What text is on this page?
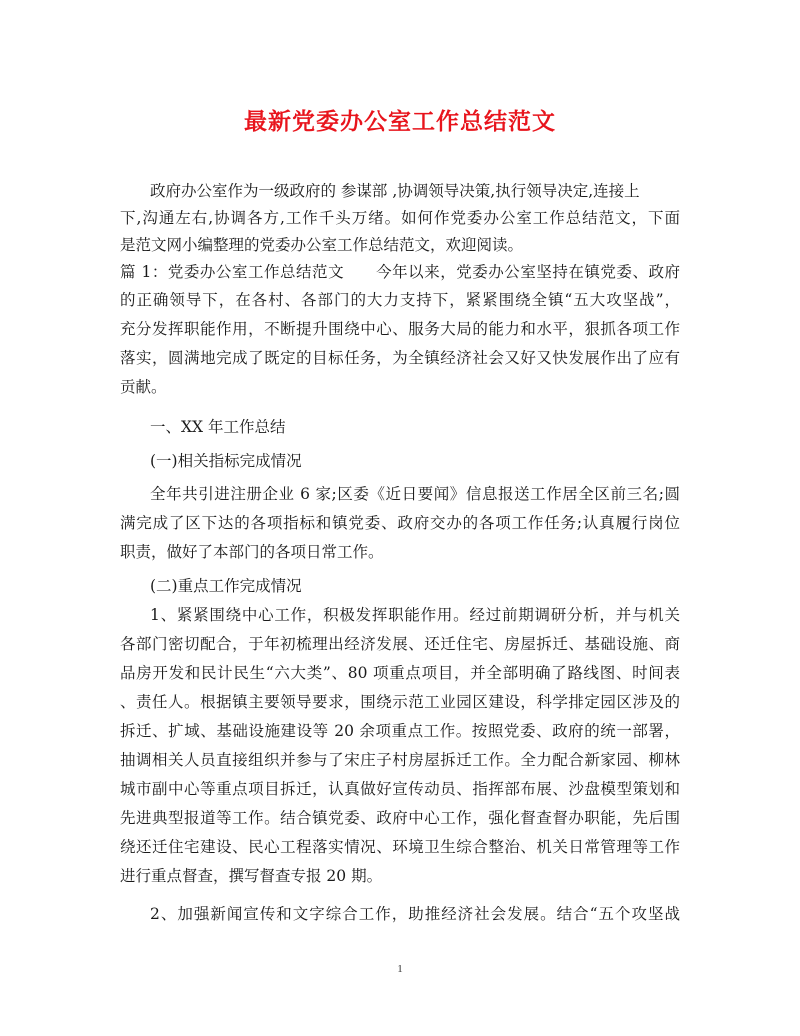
最新党委办公室工作总结范文
政府办公室作为一级政府的 参谋部 ,协调领导决策,执行领导决定,连接上
下,沟通左右,协调各方,工作千头万绪。如何作党委办公室工作总结范文，下面
是范文网小编整理的党委办公室工作总结范文，欢迎阅读。
篇 1：党委办公室工作总结范文　　今年以来，党委办公室坚持在镇党委、政府
的正确领导下，在各村、各部门的大力支持下，紧紧围绕全镇“五大攻坚战”，
充分发挥职能作用，不断提升围绕中心、服务大局的能力和水平，狠抓各项工作
落实，圆满地完成了既定的目标任务，为全镇经济社会又好又快发展作出了应有
贡献。
一、XX 年工作总结
(一)相关指标完成情况
全年共引进注册企业 6 家;区委《近日要闻》信息报送工作居全区前三名;圆
满完成了区下达的各项指标和镇党委、政府交办的各项工作任务;认真履行岗位
职责，做好了本部门的各项日常工作。
(二)重点工作完成情况
1、紧紧围绕中心工作，积极发挥职能作用。经过前期调研分析，并与机关
各部门密切配合，于年初梳理出经济发展、还迁住宅、房屋拆迁、基础设施、商
品房开发和民计民生“六大类”、80 项重点项目，并全部明确了路线图、时间表
、责任人。根据镇主要领导要求，围绕示范工业园区建设，科学排定园区涉及的
拆迁、扩域、基础设施建设等 20 余项重点工作。按照党委、政府的统一部署，
抽调相关人员直接组织并参与了宋庄子村房屋拆迁工作。全力配合新家园、柳林
城市副中心等重点项目拆迁，认真做好宣传动员、指挥部布展、沙盘模型策划和
先进典型报道等工作。结合镇党委、政府中心工作，强化督查督办职能，先后围
绕还迁住宅建设、民心工程落实情况、环境卫生综合整治、机关日常管理等工作
进行重点督查，撰写督查专报 20 期。
2、加强新闻宣传和文字综合工作，助推经济社会发展。结合“五个攻坚战
1
